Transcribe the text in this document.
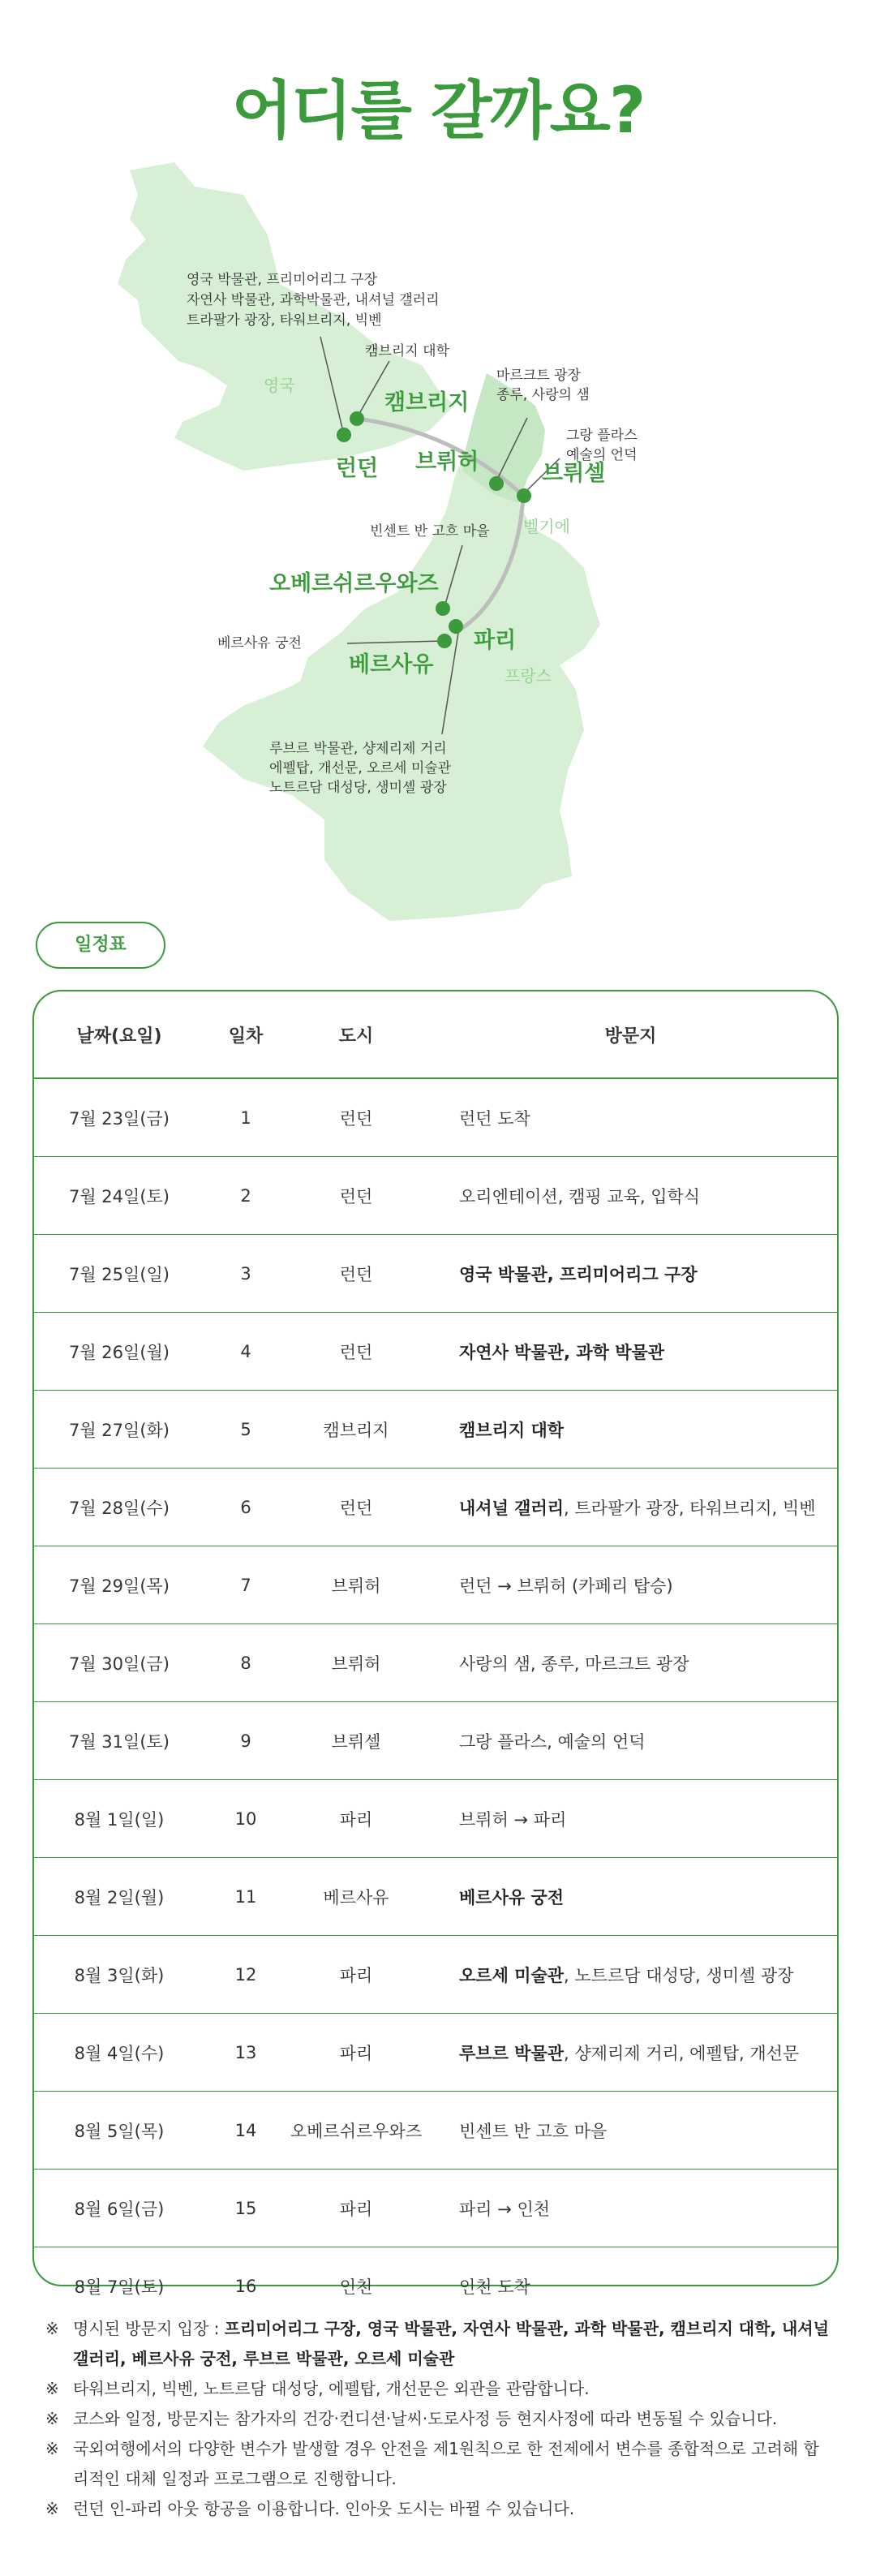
어디를 갈까요?
영국
벨기에
프랑스
영국 박물관, 프리미어리그 구장
자연사 박물관, 과학박물관, 내셔널 갤러리
트라팔가 광장, 타워브리지, 빅벤
캠브리지 대학
마르크트 광장
종루, 사랑의 샘
그랑 플라스
예술의 언덕
빈센트 반 고흐 마을
베르사유 궁전
루브르 박물관, 샹제리제 거리
에펠탑, 개선문, 오르세 미술관
노트르담 대성당, 생미셸 광장
캠브리지
런던 브뤼허	브뤼셀
오베르쉬르우와즈
파리
베르사유
일정표
날짜(요일)	일차	도시	방문지
7월 23일(금)	1	런던	런던 도착
7월 24일(토)	2	런던	오리엔테이션, 캠핑 교육, 입학식
7월 25일(일)	3	런던	영국 박물관, 프리미어리그 구장
7월 26일(월)	4	런던	자연사 박물관, 과학 박물관
7월 27일(화)	5	캠브리지	캠브리지 대학
7월 28일(수)	6	런던	내셔널 갤러리, 트라팔가 광장, 타워브리지, 빅벤
7월 29일(목)	7	브뤼허	런던 → 브뤼허 (카페리 탑승)
7월 30일(금)	8	브뤼허	사랑의 샘, 종루, 마르크트 광장
7월 31일(토)	9	브뤼셀	그랑 플라스, 예술의 언덕
8월 1일(일)	10	파리	브뤼허 → 파리
8월 2일(월)	11	베르사유	베르사유 궁전
8월 3일(화)	12	파리	오르세 미술관, 노트르담 대성당, 생미셸 광장
8월 4일(수)	13	파리	루브르 박물관, 샹제리제 거리, 에펠탑, 개선문
8월 5일(목)	14	오베르쉬르우와즈	빈센트 반 고흐 마을
8월 6일(금)	15	파리	파리 → 인천
8월 7일(토)	16	인천	인천 도착
※ 명시된 방문지 입장 : 프리미어리그 구장, 영국 박물관, 자연사 박물관, 과학 박물관, 캠브리지 대학, 내셔널 갤러리, 베르사유 궁전, 루브르 박물관, 오르세 미술관
※ 타워브리지, 빅벤, 노트르담 대성당, 에펠탑, 개선문은 외관을 관람합니다.
※ 코스와 일정, 방문지는 참가자의 건강·컨디션·날씨·도로사정 등 현지사정에 따라 변동될 수 있습니다.
※ 국외여행에서의 다양한 변수가 발생할 경우 안전을 제1원칙으로 한 전제에서 변수를 종합적으로 고려해 합리적인 대체 일정과 프로그램으로 진행합니다.
※ 런던 인-파리 아웃 항공을 이용합니다. 인아웃 도시는 바뀔 수 있습니다.
